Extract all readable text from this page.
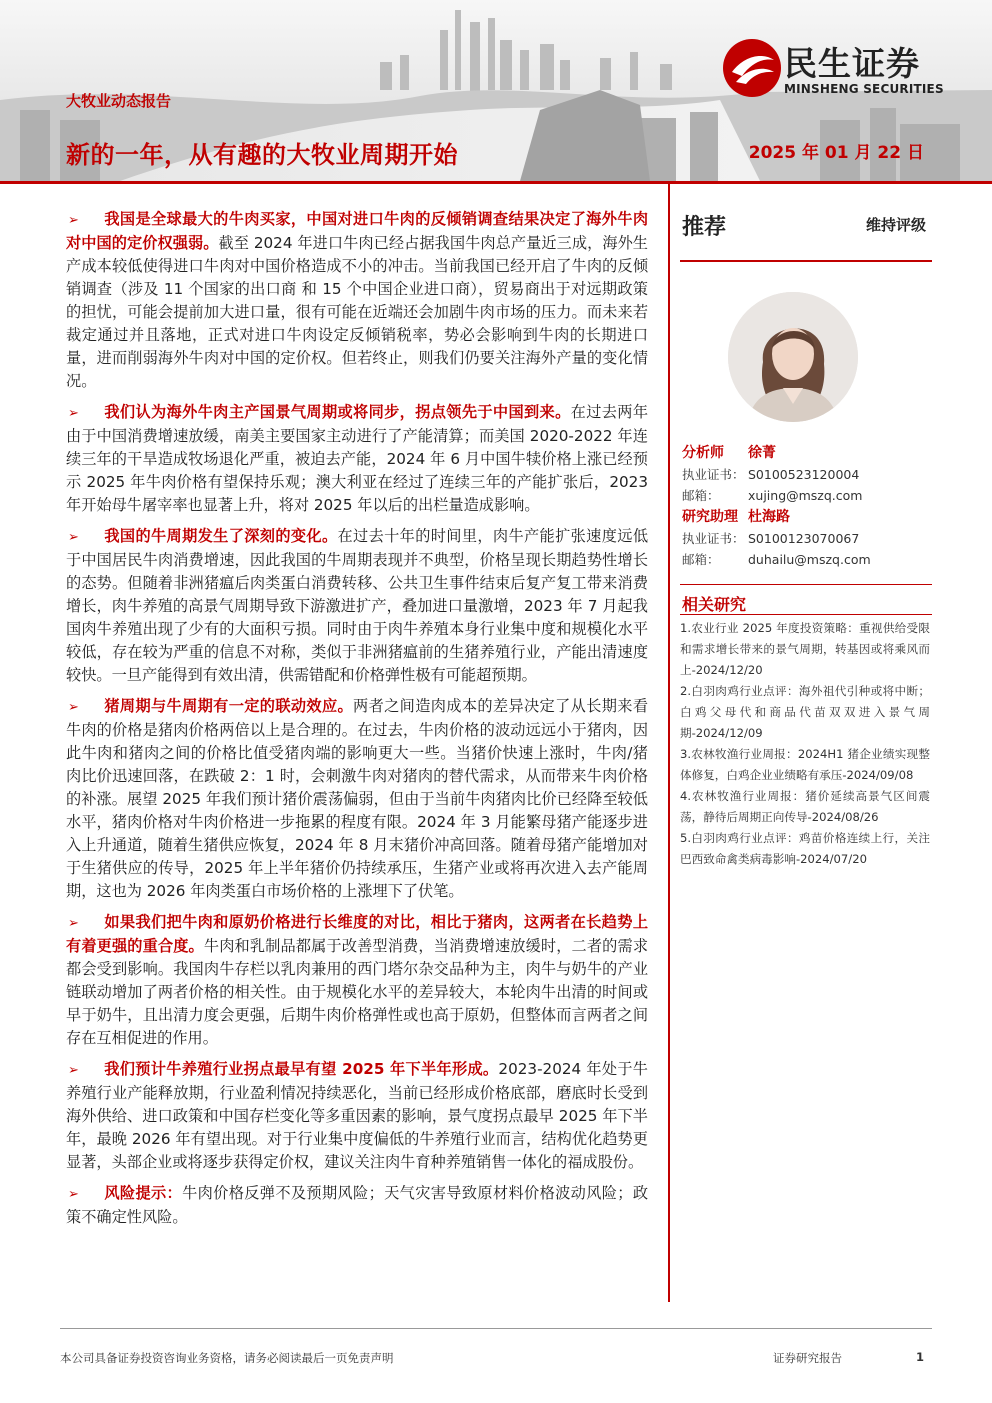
民生证券
MINSHENG SECURITIES
大牧业动态报告
新的一年，从有趣的大牧业周期开始	2025 年 01 月 22 日

➢ 我国是全球最大的牛肉买家，中国对进口牛肉的反倾销调查结果决定了海外牛肉对中国的定价权强弱。截至 2024 年进口牛肉已经占据我国牛肉总产量近三成，海外生产成本较低使得进口牛肉对中国价格造成不小的冲击。当前我国已经开启了牛肉的反倾销调查（涉及 11 个国家的出口商 和 15 个中国企业进口商），贸易商出于对远期政策的担忧，可能会提前加大进口量，很有可能在近端还会加剧牛肉市场的压力。而未来若裁定通过并且落地，正式对进口牛肉设定反倾销税率，势必会影响到牛肉的长期进口量，进而削弱海外牛肉对中国的定价权。但若终止，则我们仍要关注海外产量的变化情况。

➢ 我们认为海外牛肉主产国景气周期或将同步，拐点领先于中国到来。在过去两年由于中国消费增速放缓，南美主要国家主动进行了产能清算；而美国 2020-2022 年连续三年的干旱造成牧场退化严重，被迫去产能，2024 年 6 月中国牛犊价格上涨已经预示 2025 年牛肉价格有望保持乐观；澳大利亚在经过了连续三年的产能扩张后，2023 年开始母牛屠宰率也显著上升，将对 2025 年以后的出栏量造成影响。

➢ 我国的牛周期发生了深刻的变化。在过去十年的时间里，肉牛产能扩张速度远低于中国居民牛肉消费增速，因此我国的牛周期表现并不典型，价格呈现长期趋势性增长的态势。但随着非洲猪瘟后肉类蛋白消费转移、公共卫生事件结束后复产复工带来消费增长，肉牛养殖的高景气周期导致下游激进扩产，叠加进口量激增，2023 年 7 月起我国肉牛养殖出现了少有的大面积亏损。同时由于肉牛养殖本身行业集中度和规模化水平较低，存在较为严重的信息不对称，类似于非洲猪瘟前的生猪养殖行业，产能出清速度较快。一旦产能得到有效出清，供需错配和价格弹性极有可能超预期。

➢ 猪周期与牛周期有一定的联动效应。两者之间造肉成本的差异决定了从长期来看牛肉的价格是猪肉价格两倍以上是合理的。在过去，牛肉价格的波动远远小于猪肉，因此牛肉和猪肉之间的价格比值受猪肉端的影响更大一些。当猪价快速上涨时，牛肉/猪肉比价迅速回落，在跌破 2：1 时，会刺激牛肉对猪肉的替代需求，从而带来牛肉价格的补涨。展望 2025 年我们预计猪价震荡偏弱，但由于当前牛肉猪肉比价已经降至较低水平，猪肉价格对牛肉价格进一步拖累的程度有限。2024 年 3 月能繁母猪产能逐步进入上升通道，随着生猪供应恢复，2024 年 8 月末猪价冲高回落。随着母猪产能增加对于生猪供应的传导，2025 年上半年猪价仍持续承压，生猪产业或将再次进入去产能周期，这也为 2026 年肉类蛋白市场价格的上涨埋下了伏笔。

➢ 如果我们把牛肉和原奶价格进行长维度的对比，相比于猪肉，这两者在长趋势上有着更强的重合度。牛肉和乳制品都属于改善型消费，当消费增速放缓时，二者的需求都会受到影响。我国肉牛存栏以乳肉兼用的西门塔尔杂交品种为主，肉牛与奶牛的产业链联动增加了两者价格的相关性。由于规模化水平的差异较大，本轮肉牛出清的时间或早于奶牛，且出清力度会更强，后期牛肉价格弹性或也高于原奶，但整体而言两者之间存在互相促进的作用。

➢ 我们预计牛养殖行业拐点最早有望 2025 年下半年形成。2023-2024 年处于牛养殖行业产能释放期，行业盈利情况持续恶化，当前已经形成价格底部，磨底时长受到海外供给、进口政策和中国存栏变化等多重因素的影响，景气度拐点最早 2025 年下半年，最晚 2026 年有望出现。对于行业集中度偏低的牛养殖行业而言，结构优化趋势更显著，头部企业或将逐步获得定价权，建议关注肉牛育种养殖销售一体化的福成股份。

➢ 风险提示：牛肉价格反弹不及预期风险；天气灾害导致原材料价格波动风险；政策不确定性风险。

推荐	维持评级
分析师 徐菁
执业证书： S0100523120004
邮箱： xujing@mszq.com
研究助理 杜海路
执业证书： S0100123070067
邮箱： duhailu@mszq.com
相关研究
1.农业行业 2025 年度投资策略：重视供给受限和需求增长带来的景气周期，转基因或将乘风而上-2024/12/20
2.白羽肉鸡行业点评：海外祖代引种或将中断；白鸡父母代和商品代苗双双进入景气周期-2024/12/09
3.农林牧渔行业周报：2024H1 猪企业绩实现整体修复，白鸡企业业绩略有承压-2024/09/08
4.农林牧渔行业周报：猪价延续高景气区间震荡，静待后周期正向传导-2024/08/26
5.白羽肉鸡行业点评：鸡苗价格连续上行，关注巴西致命禽类病毒影响-2024/07/20
本公司具备证券投资咨询业务资格，请务必阅读最后一页免责声明	证券研究报告	1
